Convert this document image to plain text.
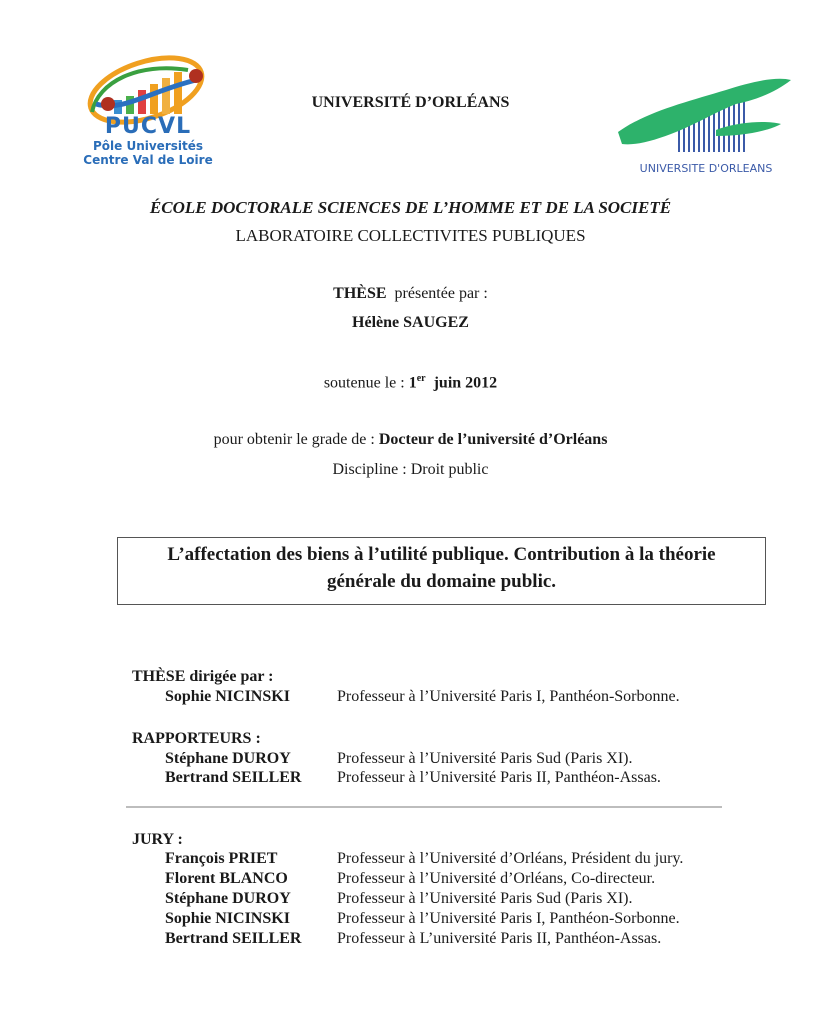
PUCVL
Pôle Universités
Centre Val de Loire
UNIVERSITE D'ORLEANS
UNIVERSITÉ D’ORLÉANS
ÉCOLE DOCTORALE SCIENCES DE L’HOMME ET DE LA SOCIETÉ
LABORATOIRE COLLECTIVITES PUBLIQUES
THÈSE présentée par :
Hélène SAUGEZ
soutenue le : 1er juin 2012
pour obtenir le grade de : Docteur de l’université d’Orléans
Discipline : Droit public
L’affectation des biens à l’utilité publique. Contribution à la théorie
générale du domaine public.
THÈSE dirigée par :
Sophie NICINSKI	Professeur à l’Université Paris I, Panthéon-Sorbonne.
RAPPORTEURS :
Stéphane DUROY	Professeur à l’Université Paris Sud (Paris XI).
Bertrand SEILLER Professeur à l’Université Paris II, Panthéon-Assas.
JURY :
François PRIET	Professeur à l’Université d’Orléans, Président du jury.
Florent BLANCO	Professeur à l’Université d’Orléans, Co-directeur.
Stéphane DUROY	Professeur à l’Université Paris Sud (Paris XI).
Sophie NICINSKI	Professeur à l’Université Paris I, Panthéon-Sorbonne.
Bertrand SEILLER Professeur à L’université Paris II, Panthéon-Assas.
